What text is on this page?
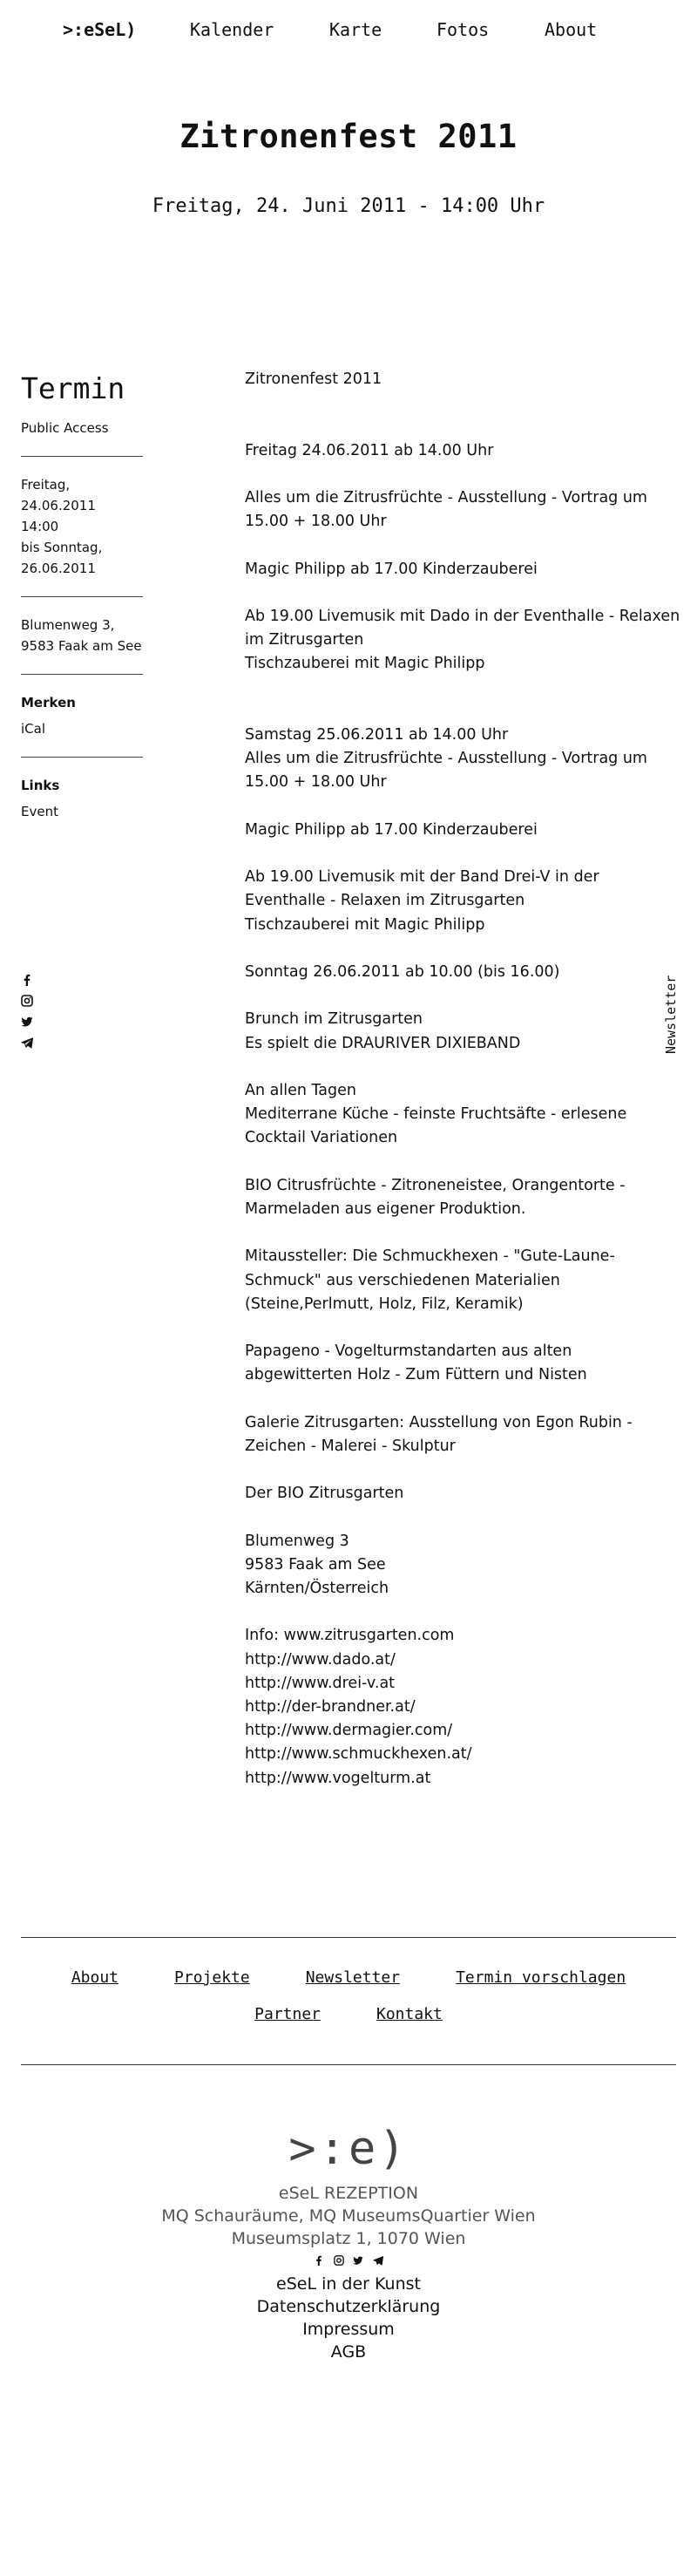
>:eSeL)	Kalender	Karte	Fotos	About
Zitronenfest 2011
Freitag, 24. Juni 2011 - 14:00 Uhr
Termin
Public Access
Freitag, 24.06.2011
14:00
bis Sonntag,
26.06.2011
Blumenweg 3,
9583 Faak am See
Merken
iCal
Links
Event
Newsletter

Zitronenfest 2011

Freitag 24.06.2011 ab 14.00 Uhr

Alles um die Zitrusfrüchte - Ausstellung - Vortrag um 15.00 + 18.00 Uhr

Magic Philipp ab 17.00 Kinderzauberei

Ab 19.00 Livemusik mit Dado in der Eventhalle - Relaxen im Zitrusgarten

Tischzauberei mit Magic Philipp

Samstag 25.06.2011 ab 14.00 Uhr

Alles um die Zitrusfrüchte - Ausstellung - Vortrag um 15.00 + 18.00 Uhr

Magic Philipp ab 17.00 Kinderzauberei

Ab 19.00 Livemusik mit der Band Drei-V in der Eventhalle - Relaxen im Zitrusgarten

Tischzauberei mit Magic Philipp

Sonntag 26.06.2011 ab 10.00 (bis 16.00)

Brunch im Zitrusgarten

Es spielt die DRAURIVER DIXIEBAND

An allen Tagen

Mediterrane Küche - feinste Fruchtsäfte - erlesene Cocktail Variationen

BIO Citrusfrüchte - Zitroneneistee, Orangentorte - Marmeladen aus eigener Produktion.

Mitaussteller: Die Schmuckhexen - "Gute-Laune-Schmuck" aus verschiedenen Materialien (Steine,Perlmutt, Holz, Filz, Keramik)

Papageno - Vogelturmstandarten aus alten abgewitterten Holz - Zum Füttern und Nisten

Galerie Zitrusgarten: Ausstellung von Egon Rubin - Zeichen - Malerei - Skulptur

Der BIO Zitrusgarten

Blumenweg 3

9583 Faak am See

Kärnten/Österreich

Info: www.zitrusgarten.com

http://www.dado.at/

http://www.drei-v.at

http://der-brandner.at/

http://www.dermagier.com/

http://www.schmuckhexen.at/

http://www.vogelturm.at

About	Projekte	Newsletter	Termin vorschlagen
Partner	Kontakt
>:e)
eSeL REZEPTION
MQ Schauräume, MQ MuseumsQuartier Wien
Museumsplatz 1, 1070 Wien

eSeL in der Kunst
Datenschutzerklärung
Impressum
AGB
